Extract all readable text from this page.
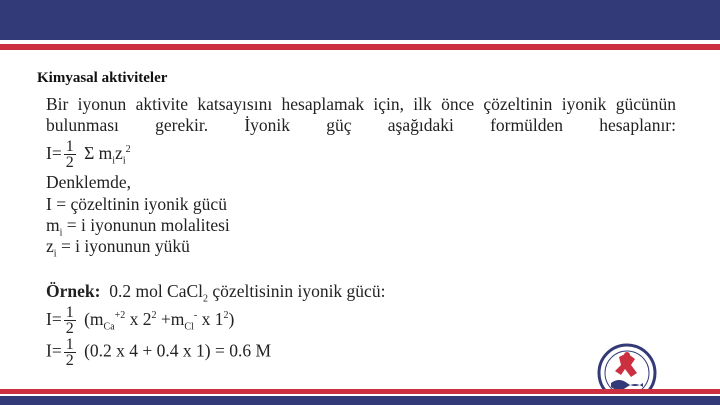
Kimyasal aktiviteler
Bir iyonun aktivite katsayısını hesaplamak için, ilk önce çözeltinin iyonik gücünün
bulunması gerekir. İyonik güç aşağıdaki formülden hesaplanır:
$I= \frac{1}{2}$ Σ $m_iz_i^2$
Denklemde,
I = çözeltinin iyonik gücü
$m_i = i$ iyonunun molalitesi
$z_i = i$ iyonunun yükü
Örnek: 0.2 mol CaCl$_2$ çözeltisinin iyonik gücü:
$I= \frac{1}{2} (m_{Ca}^{+2}$ x $2^2 +m_{Cl}^-$ x $1^2$)
$I= \frac{1}{2} (0.2$ x 4 + 0.4 x 1) = 0.6 M
